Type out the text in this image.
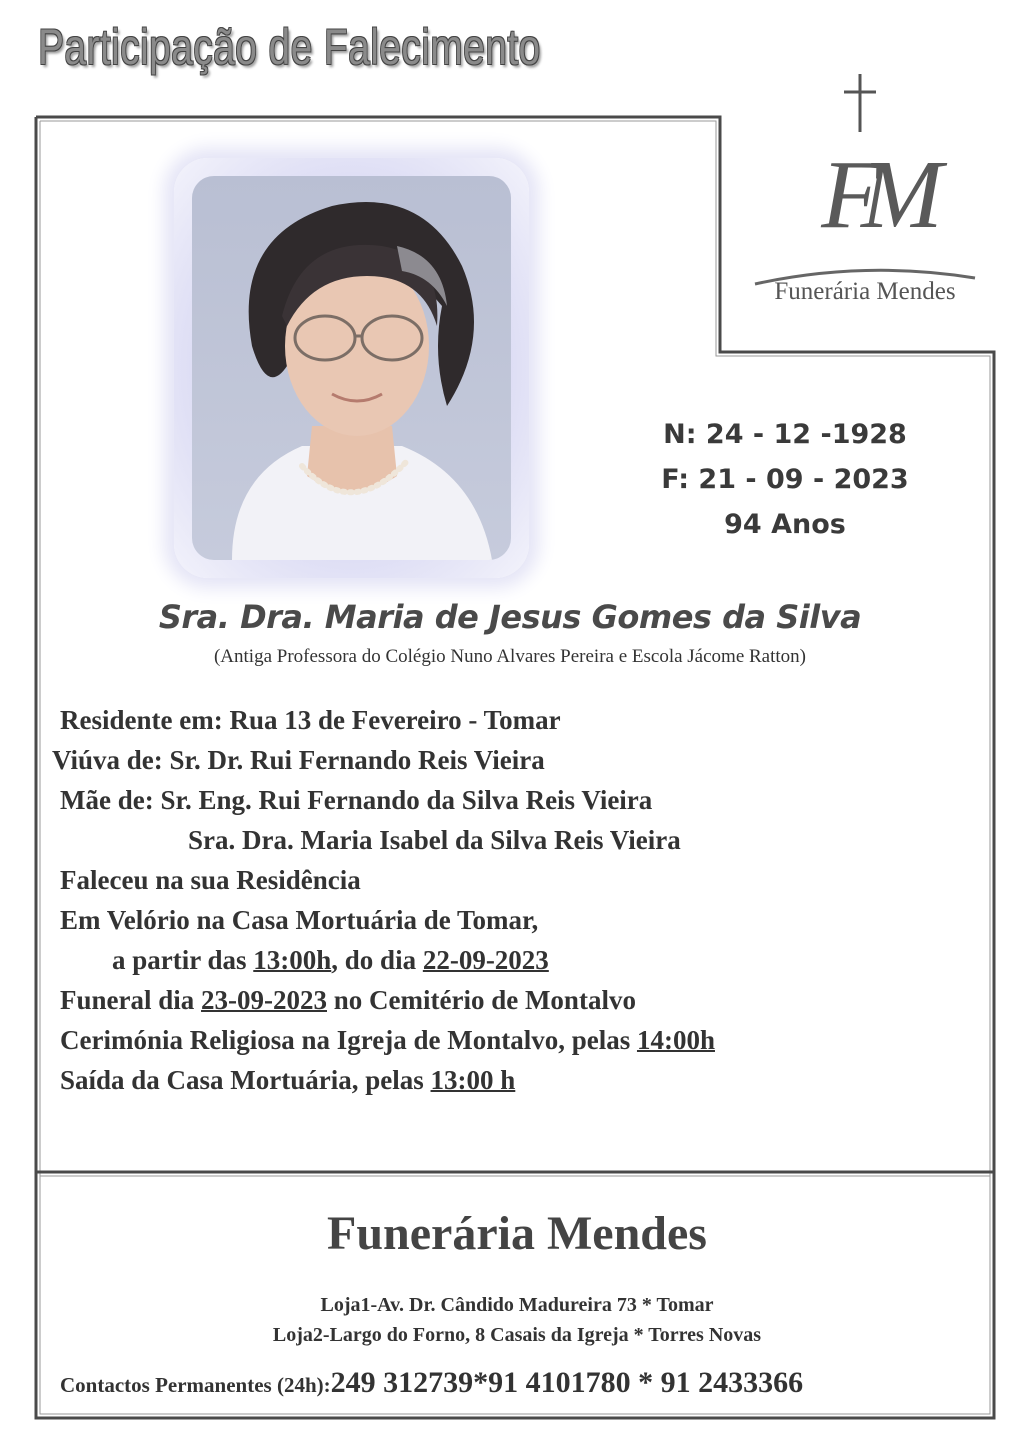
Participação de Falecimento
FM
Funerária Mendes
N: 24 - 12 -1928
F: 21 - 09 - 2023
94 Anos
Sra. Dra. Maria de Jesus Gomes da Silva
(Antiga Professora do Colégio Nuno Alvares Pereira e Escola Jácome Ratton)
Residente em: Rua 13 de Fevereiro - Tomar
Viúva de: Sr. Dr. Rui Fernando Reis Vieira
Mãe de: Sr. Eng. Rui Fernando da Silva Reis Vieira
Sra. Dra. Maria Isabel da Silva Reis Vieira
Faleceu na sua Residência
Em Velório na Casa Mortuária de Tomar,
a partir das 13:00h, do dia 22-09-2023
Funeral dia 23-09-2023 no Cemitério de Montalvo
Cerimónia Religiosa na Igreja de Montalvo, pelas 14:00h
Saída da Casa Mortuária, pelas 13:00 h
Funerária Mendes
Loja1-Av. Dr. Cândido Madureira 73 * Tomar
Loja2-Largo do Forno, 8 Casais da Igreja * Torres Novas
Contactos Permanentes (24h):249 312739*91 4101780 * 91 2433366
